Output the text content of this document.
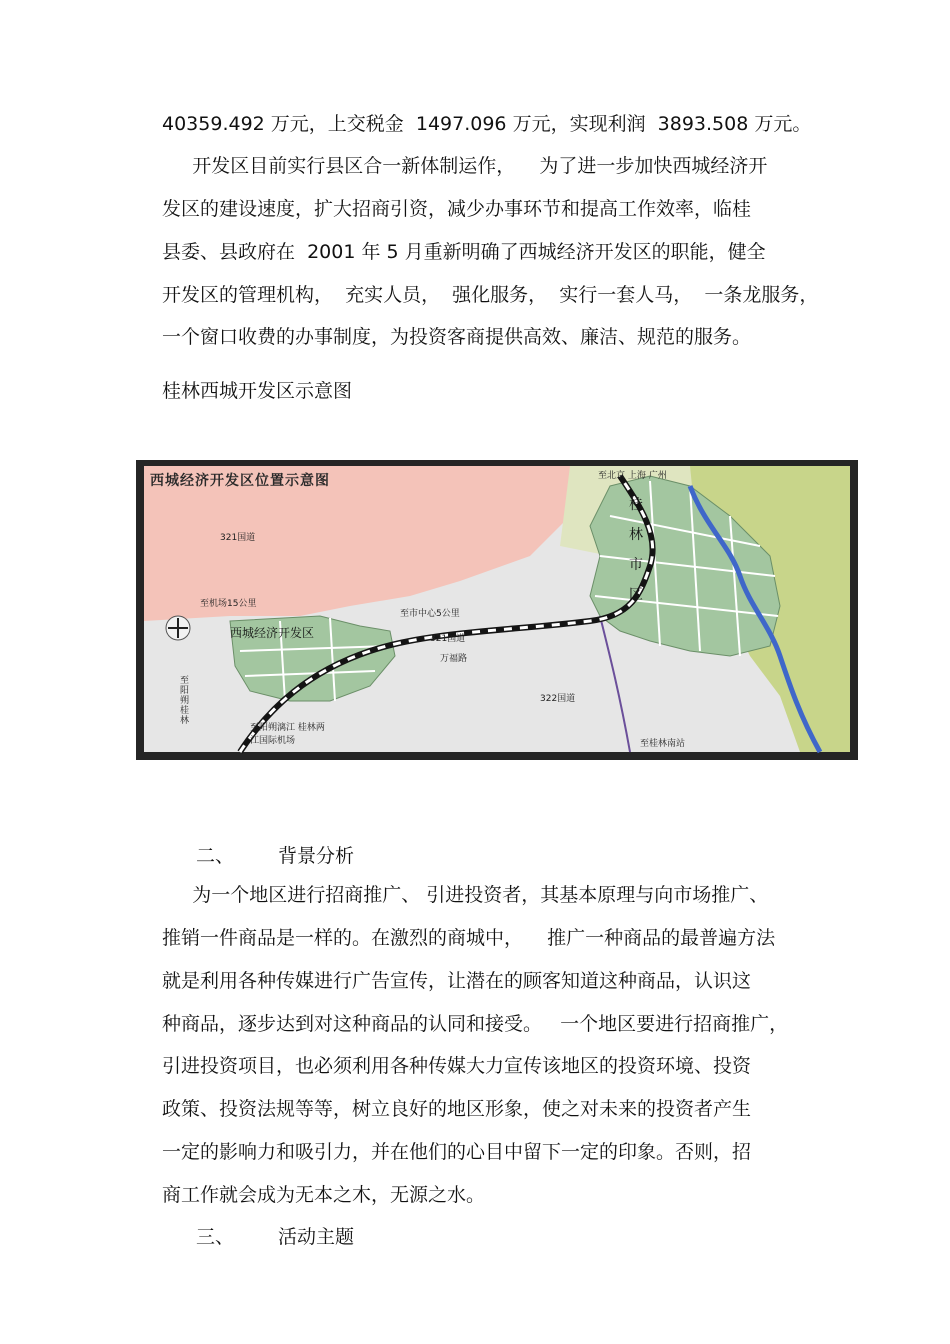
40359.492 万元，上交税金  1497.096 万元，实现利润  3893.508 万元。
开发区目前实行县区合一新体制运作，    为了进一步加快西城经济开
发区的建设速度，扩大招商引资，减少办事环节和提高工作效率，临桂
县委、县政府在  2001 年 5 月重新明确了西城经济开发区的职能，健全
开发区的管理机构，  充实人员，  强化服务，  实行一套人马，  一条龙服务，
一个窗口收费的办事制度，为投资客商提供高效、廉洁、规范的服务。
桂林西城开发区示意图
西城经济开发区位置示意图
桂
林
市
区
西城经济开发区
至机场15公里
至市中心5公里
321国道
万福路
321国道
322国道
至北京 上海 广州
至桂林南站
至阳朔漓江 桂林两江国际机场
至阳朔 桂林
二、 背景分析
为一个地区进行招商推广、 引进投资者，其基本原理与向市场推广、
推销一件商品是一样的。在激烈的商城中，    推广一种商品的最普遍方法
就是利用各种传媒进行广告宣传，让潜在的顾客知道这种商品，认识这
种商品，逐步达到对这种商品的认同和接受。   一个地区要进行招商推广，
引进投资项目，也必须利用各种传媒大力宣传该地区的投资环境、投资
政策、投资法规等等，树立良好的地区形象，使之对未来的投资者产生
一定的影响力和吸引力，并在他们的心目中留下一定的印象。否则，招
商工作就会成为无本之木，无源之水。
三、 活动主题
